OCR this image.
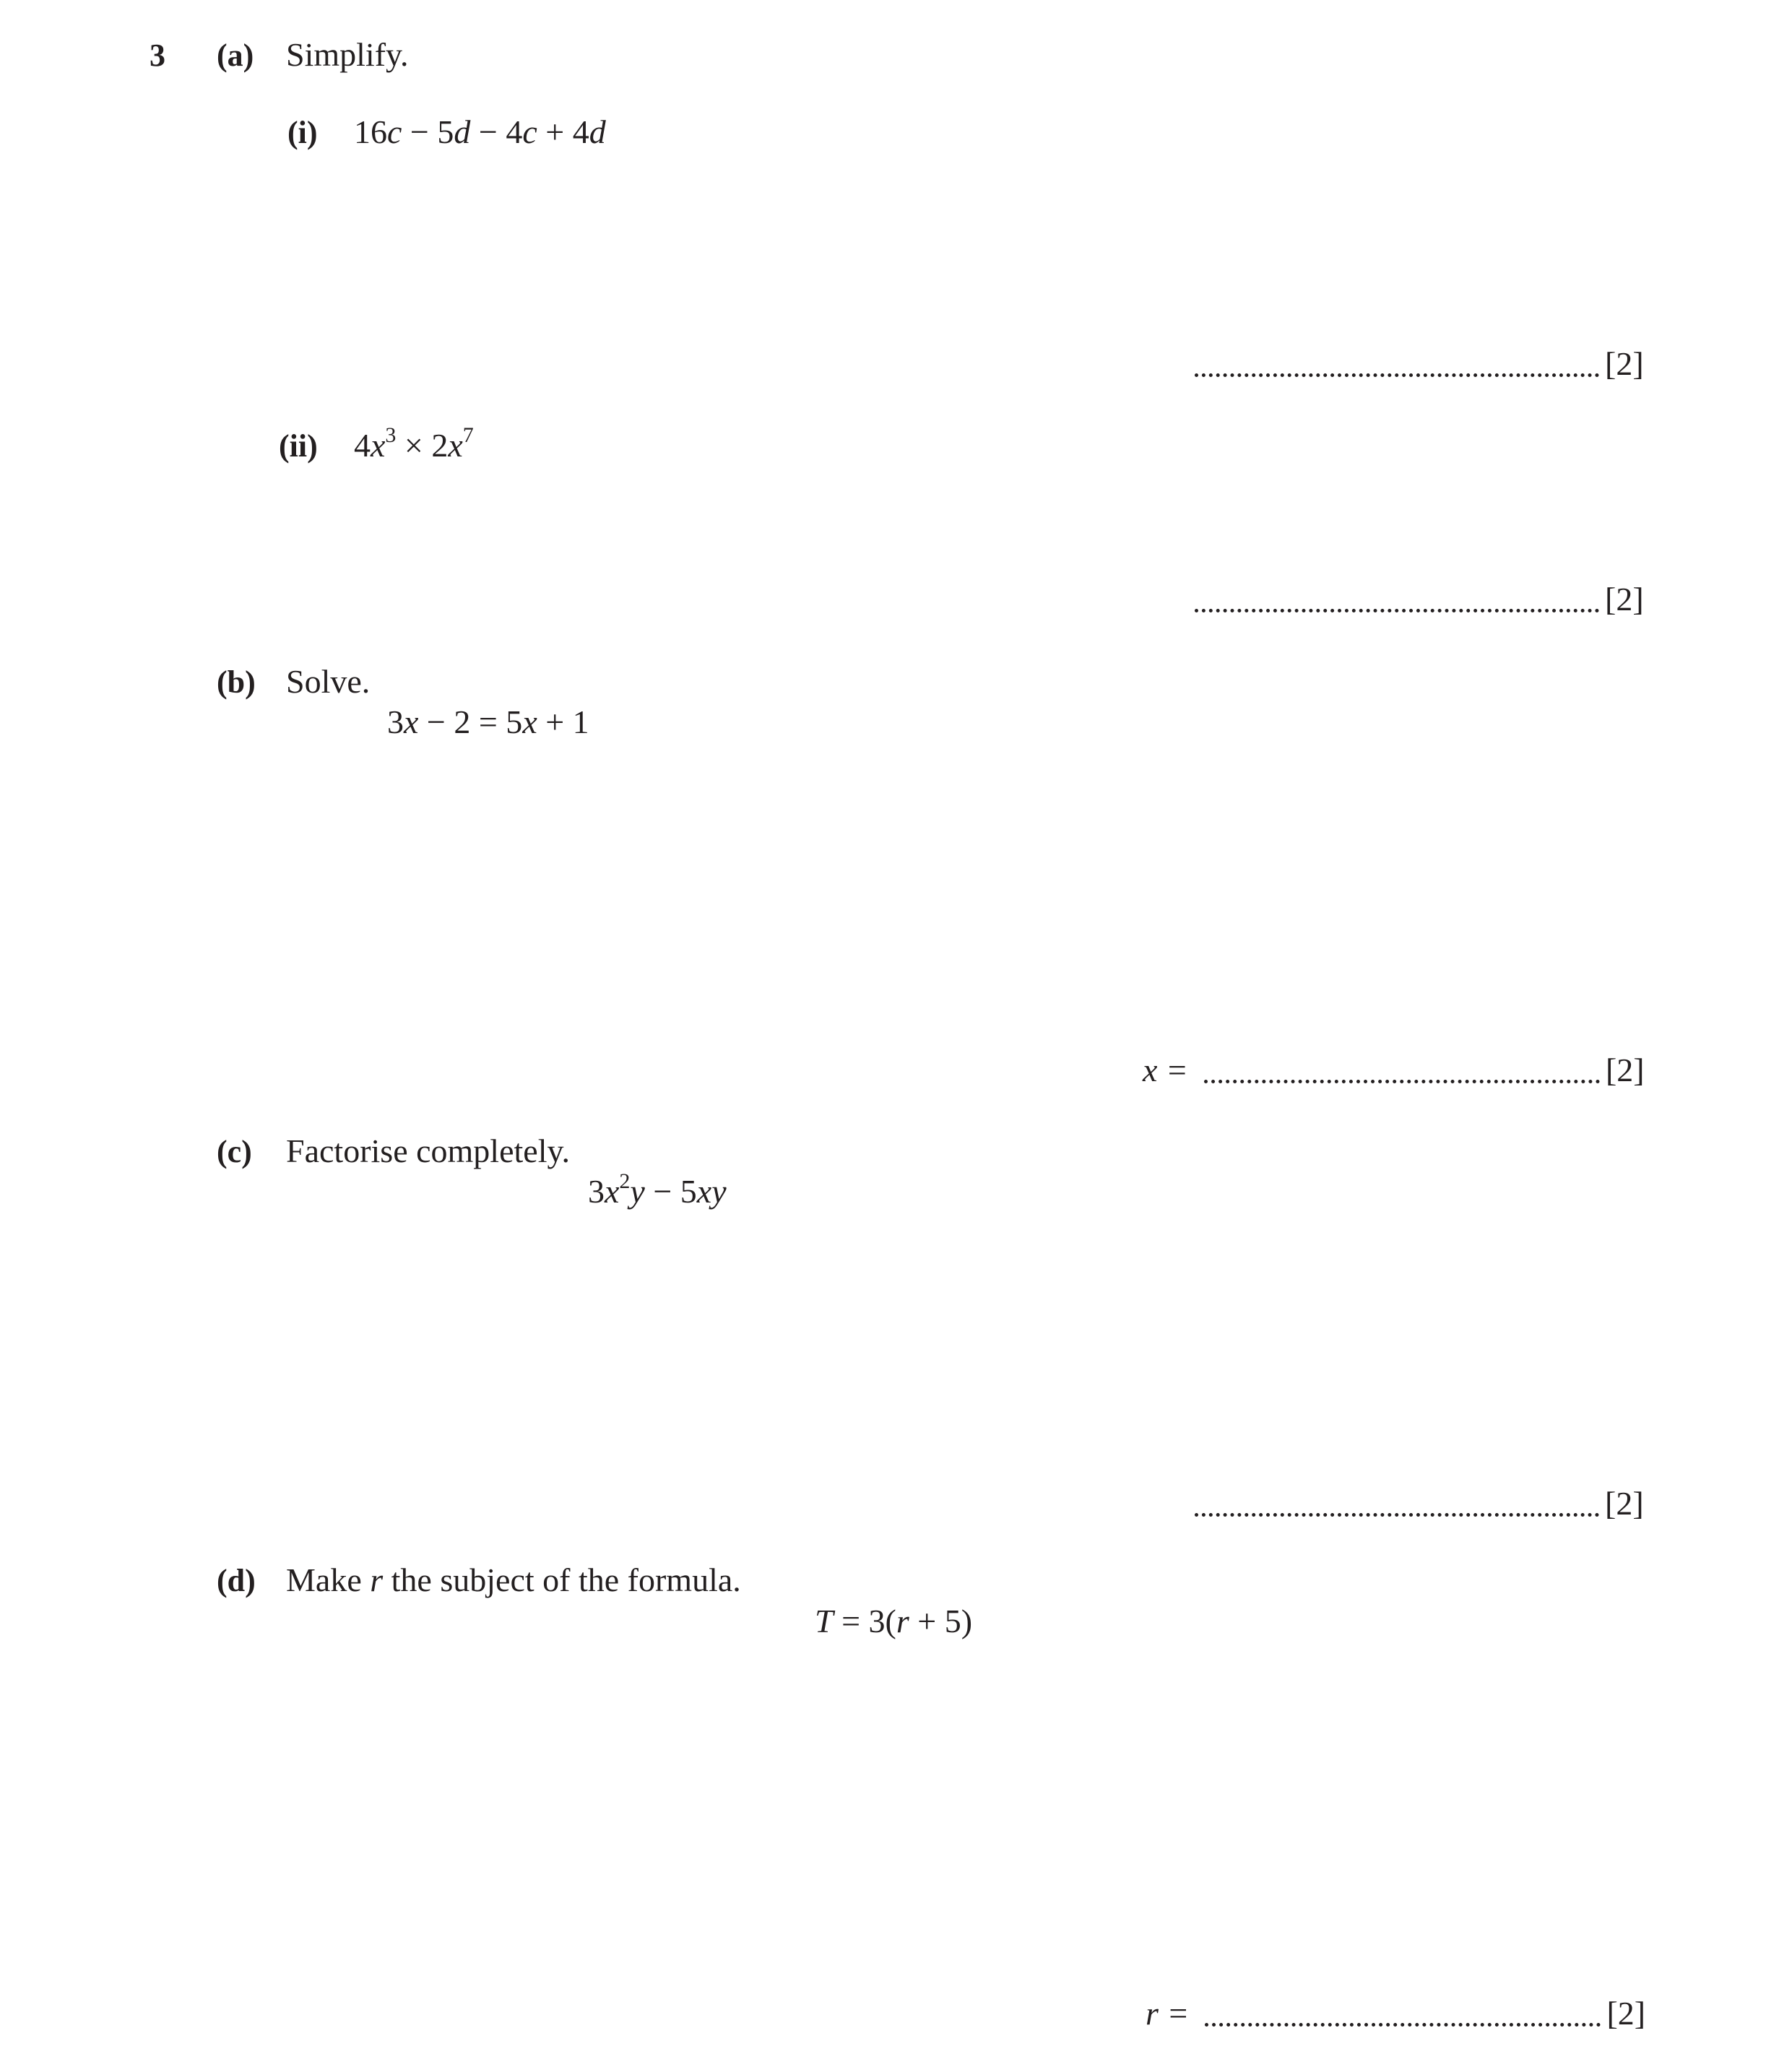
3 (a) Simplify.
(i) 16c − 5d − 4c + 4d
[2]
(ii) $4x^3 \times 2x^7$
[2]
(b) Solve.
3x − 2 = 5x + 1
x =	[2]
(c) Factorise completely.
$3x^2y - 5xy$
[2]
(d) Make r the subject of the formula.
T = 3(r + 5)
r =	[2]
